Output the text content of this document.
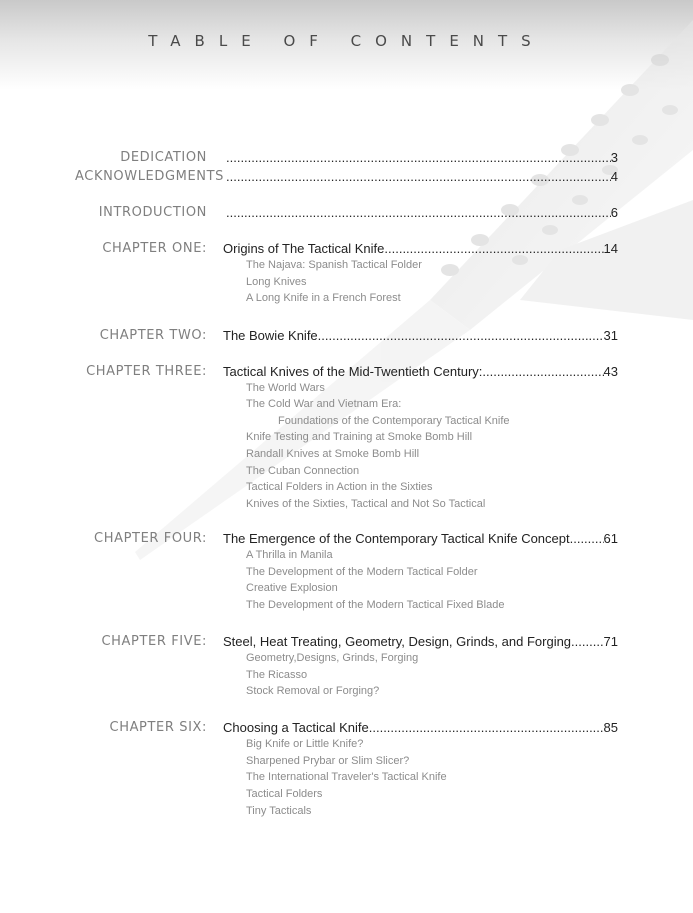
TABLE OF CONTENTS
DEDICATION .....	3
ACKNOWLEDGMENTS .....	4
INTRODUCTION .....	6
CHAPTER ONE: Origins of The Tactical Knife .....	14
The Najava: Spanish Tactical Folder
Long Knives
A Long Knife in a French Forest
CHAPTER TWO: The Bowie Knife .....	31
CHAPTER THREE: Tactical Knives of the Mid-Twentieth Century: .....	43
The World Wars
The Cold War and Vietnam Era:
Foundations of the Contemporary Tactical Knife
Knife Testing and Training at Smoke Bomb Hill
Randall Knives at Smoke Bomb Hill
The Cuban Connection
Tactical Folders in Action in the Sixties
Knives of the Sixties, Tactical and Not So Tactical
CHAPTER FOUR: The Emergence of the Contemporary Tactical Knife Concept .....	61
A Thrilla in Manila
The Development of the Modern Tactical Folder
Creative Explosion
The Development of the Modern Tactical Fixed Blade
CHAPTER FIVE: Steel, Heat Treating, Geometry, Design, Grinds, and Forging ..... 71
Geometry,Designs, Grinds, Forging
The Ricasso
Stock Removal or Forging?
CHAPTER SIX: Choosing a Tactical Knife .....	85
Big Knife or Little Knife?
Sharpened Prybar or Slim Slicer?
The International Traveler's Tactical Knife
Tactical Folders
Tiny Tacticals
